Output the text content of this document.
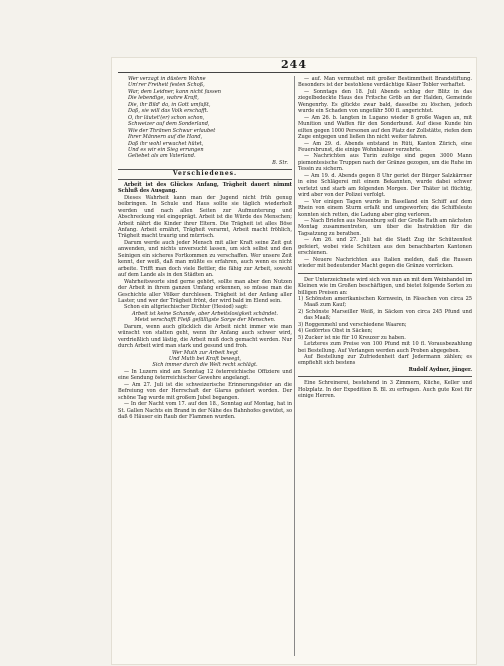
244
Wer verzagt in düstern Wahne
Um'rer Freiheit festen Schoß,
War, dem Leidner, kann nicht fassen
Die lebendige, wahre Kraft,
Die, ihr Bild' da, in Gott umfaßt,
Daß, sie will das Volk erschafft.
O, ihr läutet'(er) schon schon,
Schweizer auf dem Sonderland,
Wie der Thränen Schwur erlaubet
Ihrer Männern auf die Hand,
Daß ihr wohl erwachet hütet,
Und es wir ein Sieg errungen
Geliebet als am Vaterland.
B. Str.
Verschiedenes.

Arbeit ist des Glückes Anfang, Trägheit dauert nimmt Schluß des Ausgang.

Dieses Wahrheit kann man der Jugend nicht früh genug beibringen. In Schule und Haus sollte sie täglich wiederholt werden und nach allen Seiten zur Aufmunterung und Abschreckung viel eingeprägt. Arbeit ist die Würde des Menschen; Arbeit nährt die Kinder ihrer Eltern. Die Trägheit ist alles Böse Anfang. Arbeit ernährt, Trägheit verarmt, Arbeit macht fröhlich, Trägheit macht traurig und mürrisch.

Darum werde auch jeder Mensch mit aller Kraft seine Zeit gut anwenden, und nichts unversucht lassen, um sich selbst und den Seinigen ein sicheres Fortkommen zu verschaffen. Wer unsere Zeit kennt, der weiß, daß man müßte es erfahren, auch wenn es nicht arbeite. Trifft man doch viele Bettler, die fähig zur Arbeit, sowohl auf dem Lande als in den Städten an.

Wahrheitsworte sind gerne gehört, sollte man aber den Nutzen der Arbeit in ihrem ganzen Umfang erkennen, so müsse man die Geschichte aller Völker durchlesen. Trägheit ist der Anfang aller Laster, und wer der Trägheit frönt, der wird bald im Elend sein.

Schon ein altgriechischer Dichter (Hesiod) sagt:

Arbeit ist keine Schande, aber Arbeitslosigkeit schändet.
Meist verschafft Fleiß gefälligste Sorge der Menschen.

Darum, wenn auch glücklich die Arbeit nicht immer wie man wünscht von statten geht, wenn ihr Anfang auch schwer wird, verdrießlich und lästig, die Arbeit muß doch gemacht werden. Nur durch Arbeit wird man stark und gesund und froh.

Wer Muth zur Arbeit hegt
Und Muth bei Kraft bewegt,
Sich immer durch die Welt recht schlägt.

— In Luzern sind am Sonntag 12 österreichische Offiziere und eine Sendung österreichischer Gewehre angelangt.

— Am 27. Juli ist die schweizerische Erinnerungsfeier an die Befreiung von der Herrschaft der Glarus gefeiert worden. Der schöne Tag wurde mit großem Jubel begangen.

— In der Nacht vom 17. auf den 18., Sonntag auf Montag, hat in St. Gallen Nachts ein Brand in der Nähe des Bahnhofes gewütet, so daß 6 Häuser ein Raub der Flammen wurden.

— auf. Man vermuthet mit großer Bestimmtheit Brandstiftung. Besonders ist der bestohlene verdächtige Käser Tobler verhaftet.

— Sonntags den 18. Juli Abends schlug der Blitz in das ziegelbedeckte Haus des Fritsche Gröb an der Halden, Gemeinde Wengenrhy. Es glückte zwar bald, dasselbe zu löschen, jedoch wurde ein Schaden von ungefähr 500 fl. angerichtet.

— Am 26. b. langten in Lugano wieder 8 große Wagen an, mit Munition und Waffen für den Sonderbund. Auf diese Kunde hin eilten gegen 1000 Personen auf den Platz der Zollstätte, riefen dem Zuge entgegen und ließen ihn nicht weiter fahren.

— Am 29. d. Abends entstand in Rüti, Kanton Zürich, eine Feuersbrunst, die einige Wohnhäuser verzehrte.

— Nachrichten aus Turin zufolge sind gegen 3000 Mann piemontesische Truppen nach der Gränze gezogen, um die Ruhe im Tessin zu sichern.

— Am 19. d. Abends gegen 8 Uhr geriet der Bürger Salzkärrner in eine Schlägerei mit einem Bekannten, wurde dabei schwer verletzt und starb am folgenden Morgen. Der Thäter ist flüchtig, wird aber von der Polizei verfolgt.

— Vor einigen Tagen wurde in Baselland ein Schiff auf dem Rhein von einem Sturm erfaßt und umgeworfen; die Schiffsleute konnten sich retten, die Ladung aber ging verloren.

— Nach Briefen aus Neuenburg soll der Große Rath am nächsten Montag zusammentreten, um über die Instruktion für die Tagsatzung zu berathen.

— Am 26. und 27. Juli hat die Stadt Zug ihr Schützenfest gefeiert, wobei viele Schützen aus den benachbarten Kantonen erschienen.

— Neuere Nachrichten aus Italien melden, daß die Russen wieder mit bedeutender Macht gegen die Gränze vorrücken.

Der Unterzeichnete wird sich von nun an mit dem Weinhandel im Kleinen wie im Großen beschäftigen, und bietet folgende Sorten zu billigen Preisen an:

1) Schönsten amerikanischen Kornwein, in Fässchen von circa 25 Maaß zum Kauf;
2) Schönste Marseiller Weiß, in Säcken von circa 245 Pfund und das Maaß;
3) Roggenmehl und verschiedene Waaren;
4) Gedörrtes Obst in Säcken;
5) Zucker ist nie für 10 Kreuzer zu haben.

Letzteres zum Preise von 100 Pfund mit 10 fl. Vorausbezahlung bei Bestellung. Auf Verlangen werden auch Proben abgegeben.

Auf Bestellung zur Zufriedenheit darf Jedermann zählen; es empfiehlt sich bestens

Rudolf Aydner, jünger.

Eine Schreinerei, bestehend in 3 Zimmern, Küche, Keller und Holzplatz. In der Expedition B. Bl. zu erfragen. Auch gute Kost für einige Herren.
